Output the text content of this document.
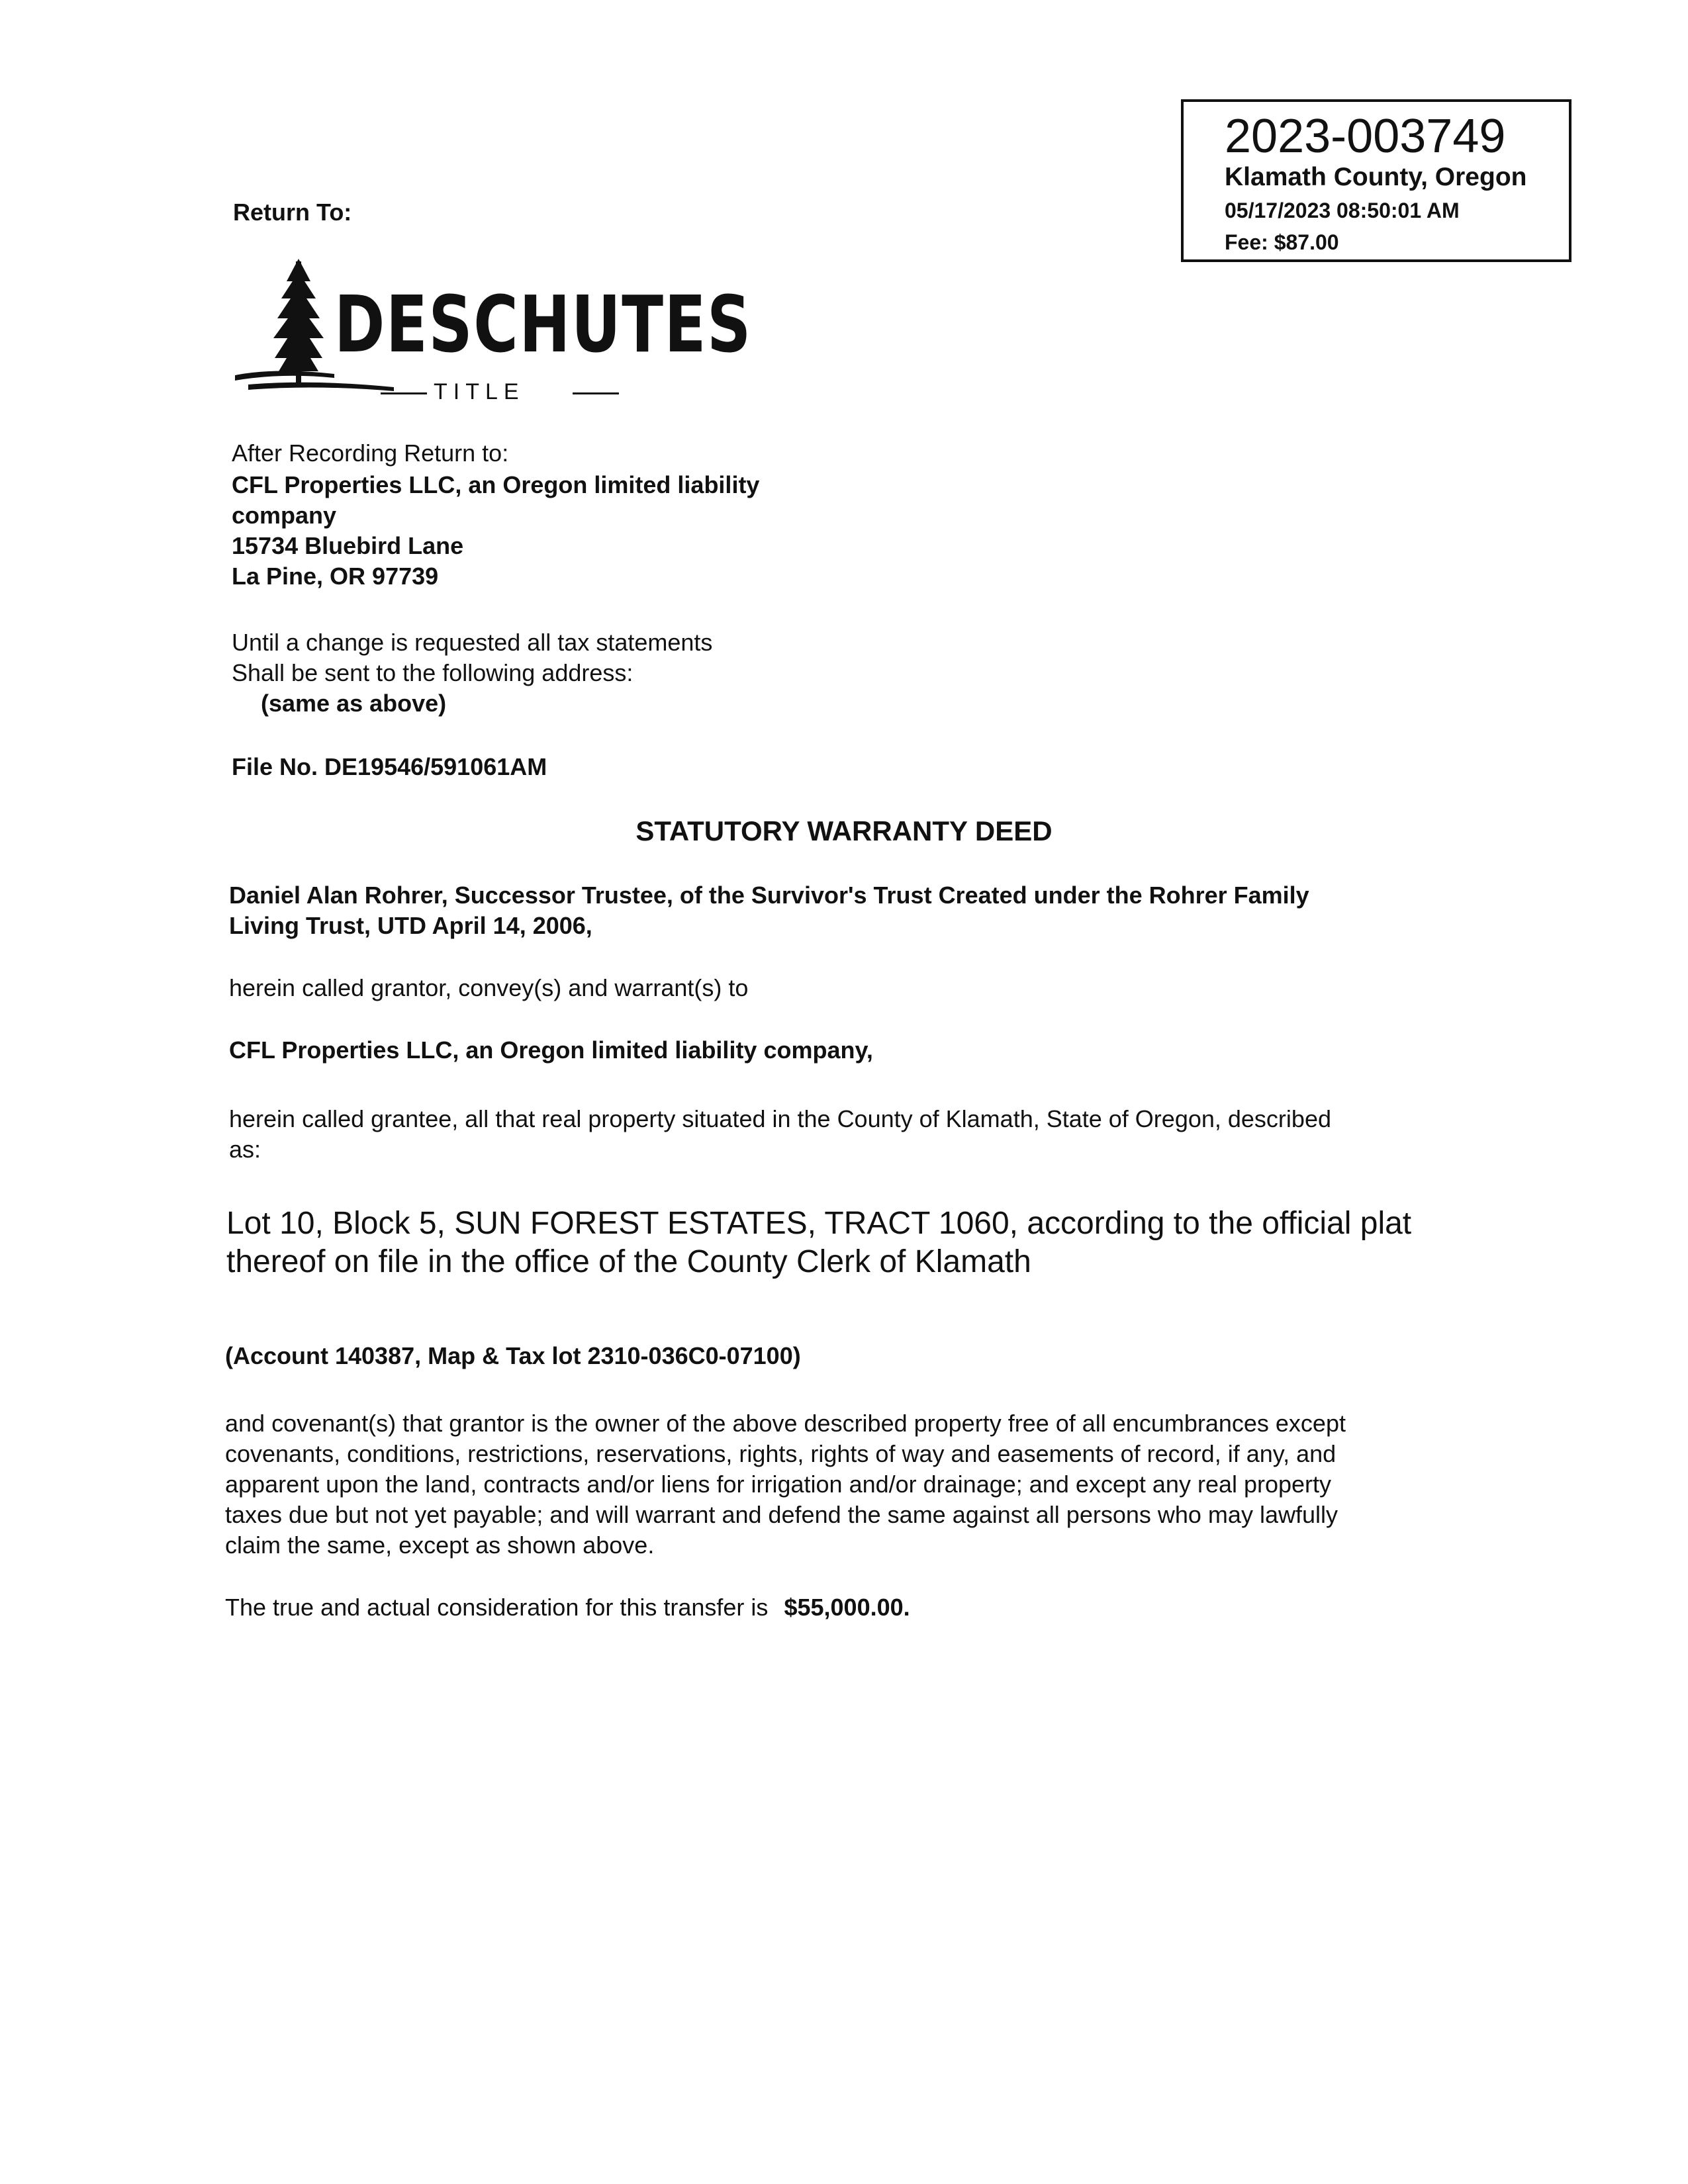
2023-003749
Klamath County, Oregon
05/17/2023 08:50:01 AM
Fee: $87.00
Return To:
DESCHUTES
TITLE
After Recording Return to:
CFL Properties LLC, an Oregon limited liability
company
15734 Bluebird Lane
La Pine, OR 97739
Until a change is requested all tax statements
Shall be sent to the following address:
(same as above)
File No. DE19546/591061AM
STATUTORY WARRANTY DEED
Daniel Alan Rohrer, Successor Trustee, of the Survivor's Trust Created under the Rohrer Family
Living Trust, UTD April 14, 2006,
herein called grantor, convey(s) and warrant(s) to
CFL Properties LLC, an Oregon limited liability company,
herein called grantee, all that real property situated in the County of Klamath, State of Oregon, described
as:
Lot 10, Block 5, SUN FOREST ESTATES, TRACT 1060, according to the official plat
thereof on file in the office of the County Clerk of Klamath
(Account 140387, Map & Tax lot 2310-036C0-07100)
and covenant(s) that grantor is the owner of the above described property free of all encumbrances except
covenants, conditions, restrictions, reservations, rights, rights of way and easements of record, if any, and
apparent upon the land, contracts and/or liens for irrigation and/or drainage; and except any real property
taxes due but not yet payable; and will warrant and defend the same against all persons who may lawfully
claim the same, except as shown above.
The true and actual consideration for this transfer is $55,000.00.
